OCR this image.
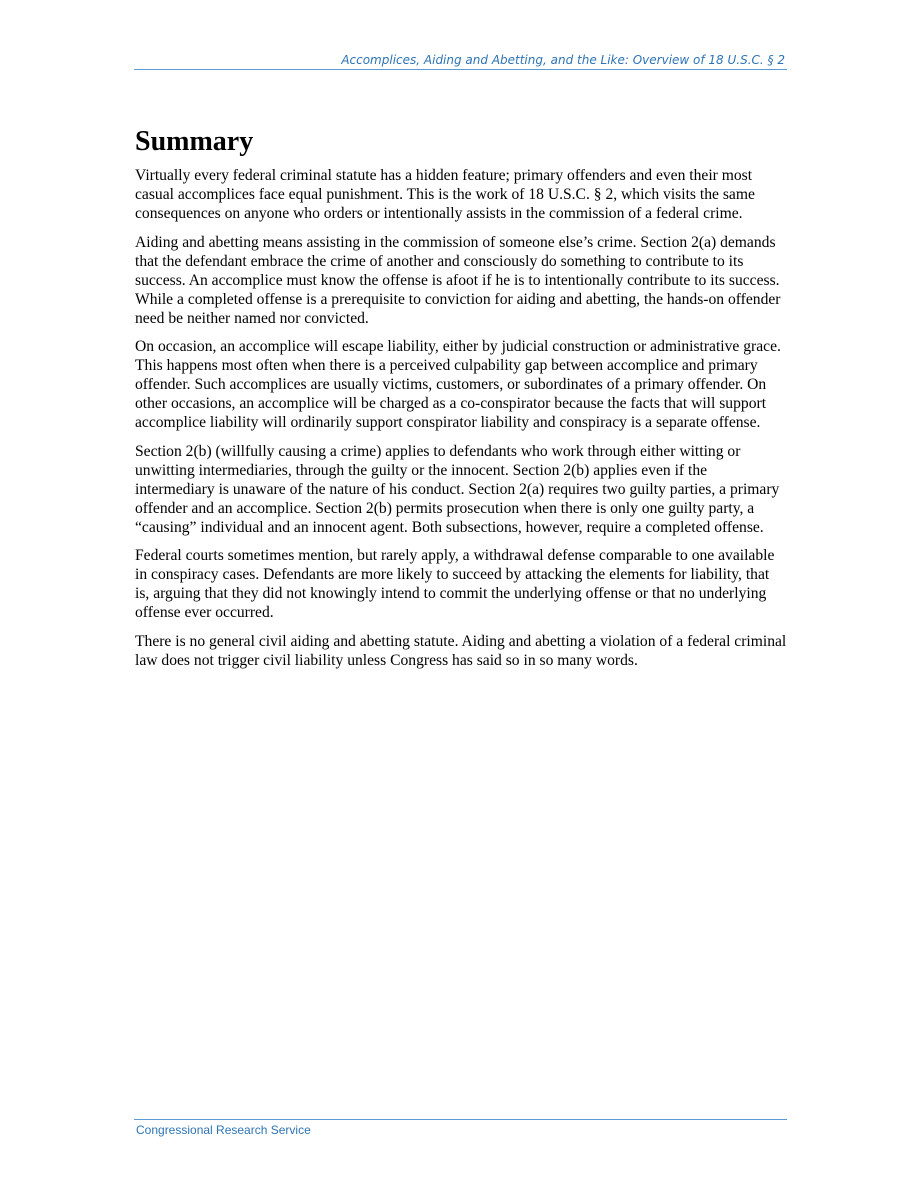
Accomplices, Aiding and Abetting, and the Like: Overview of 18 U.S.C. § 2
Summary

Virtually every federal criminal statute has a hidden feature; primary offenders and even their most casual accomplices face equal punishment. This is the work of 18 U.S.C. § 2, which visits the same consequences on anyone who orders or intentionally assists in the commission of a federal crime.

Aiding and abetting means assisting in the commission of someone else’s crime. Section 2(a) demands that the defendant embrace the crime of another and consciously do something to contribute to its success. An accomplice must know the offense is afoot if he is to intentionally contribute to its success. While a completed offense is a prerequisite to conviction for aiding and abetting, the hands-on offender need be neither named nor convicted.

On occasion, an accomplice will escape liability, either by judicial construction or administrative grace. This happens most often when there is a perceived culpability gap between accomplice and primary offender. Such accomplices are usually victims, customers, or subordinates of a primary offender. On other occasions, an accomplice will be charged as a co-conspirator because the facts that will support accomplice liability will ordinarily support conspirator liability and conspiracy is a separate offense.

Section 2(b) (willfully causing a crime) applies to defendants who work through either witting or unwitting intermediaries, through the guilty or the innocent. Section 2(b) applies even if the intermediary is unaware of the nature of his conduct. Section 2(a) requires two guilty parties, a primary offender and an accomplice. Section 2(b) permits prosecution when there is only one guilty party, a “causing” individual and an innocent agent. Both subsections, however, require a completed offense.

Federal courts sometimes mention, but rarely apply, a withdrawal defense comparable to one available in conspiracy cases. Defendants are more likely to succeed by attacking the elements for liability, that is, arguing that they did not knowingly intend to commit the underlying offense or that no underlying offense ever occurred.

There is no general civil aiding and abetting statute. Aiding and abetting a violation of a federal criminal law does not trigger civil liability unless Congress has said so in so many words.

Congressional Research Service
